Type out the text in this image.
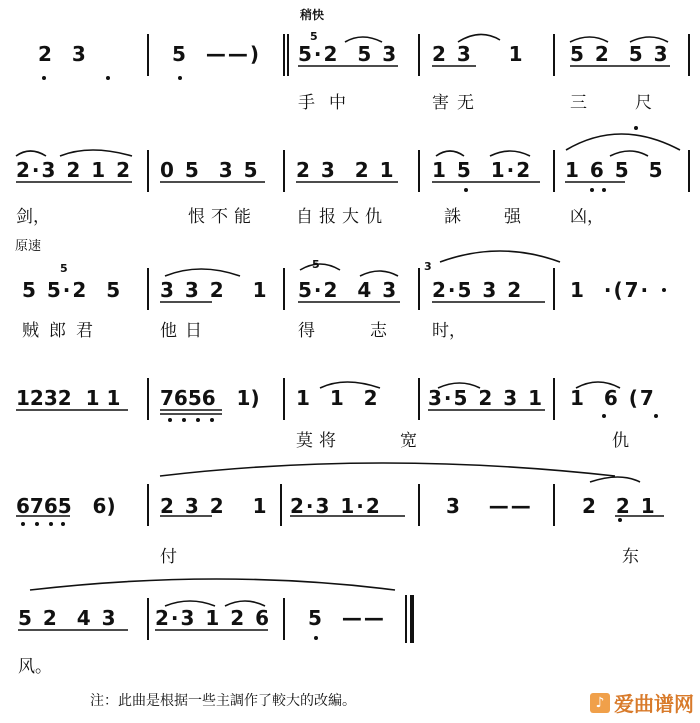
稍快
原速
2  3	5  ——) 5·2  5 3 2 3    1 5 2  5 3
手中	害无	三	尺
2·3 2 1 2 0 5  3 5 2 3  2 1 1 5  1·2 1 6 5  5
剑，	恨不能 自报大仇	誅	强	凶，
5 5·2  5 3 3 2   1 5·2  4 3 2·5 3 2 1  ·(7·
贼郎君	他日	得	志	时，
1232  1 1 7656   1) 1  1  2 3·5 2 3 1 1  6 (7
莫将	宽	仇
6765   6) 2 3 2   1 2·3 1·2	3   —— 2  2 1
付	东
5 2  4 3 2·3 1 2 6 5  ——
风。
5
5	5	3
注：此曲是根据一些主調作了較大的改編。	♪ 爱曲谱网
